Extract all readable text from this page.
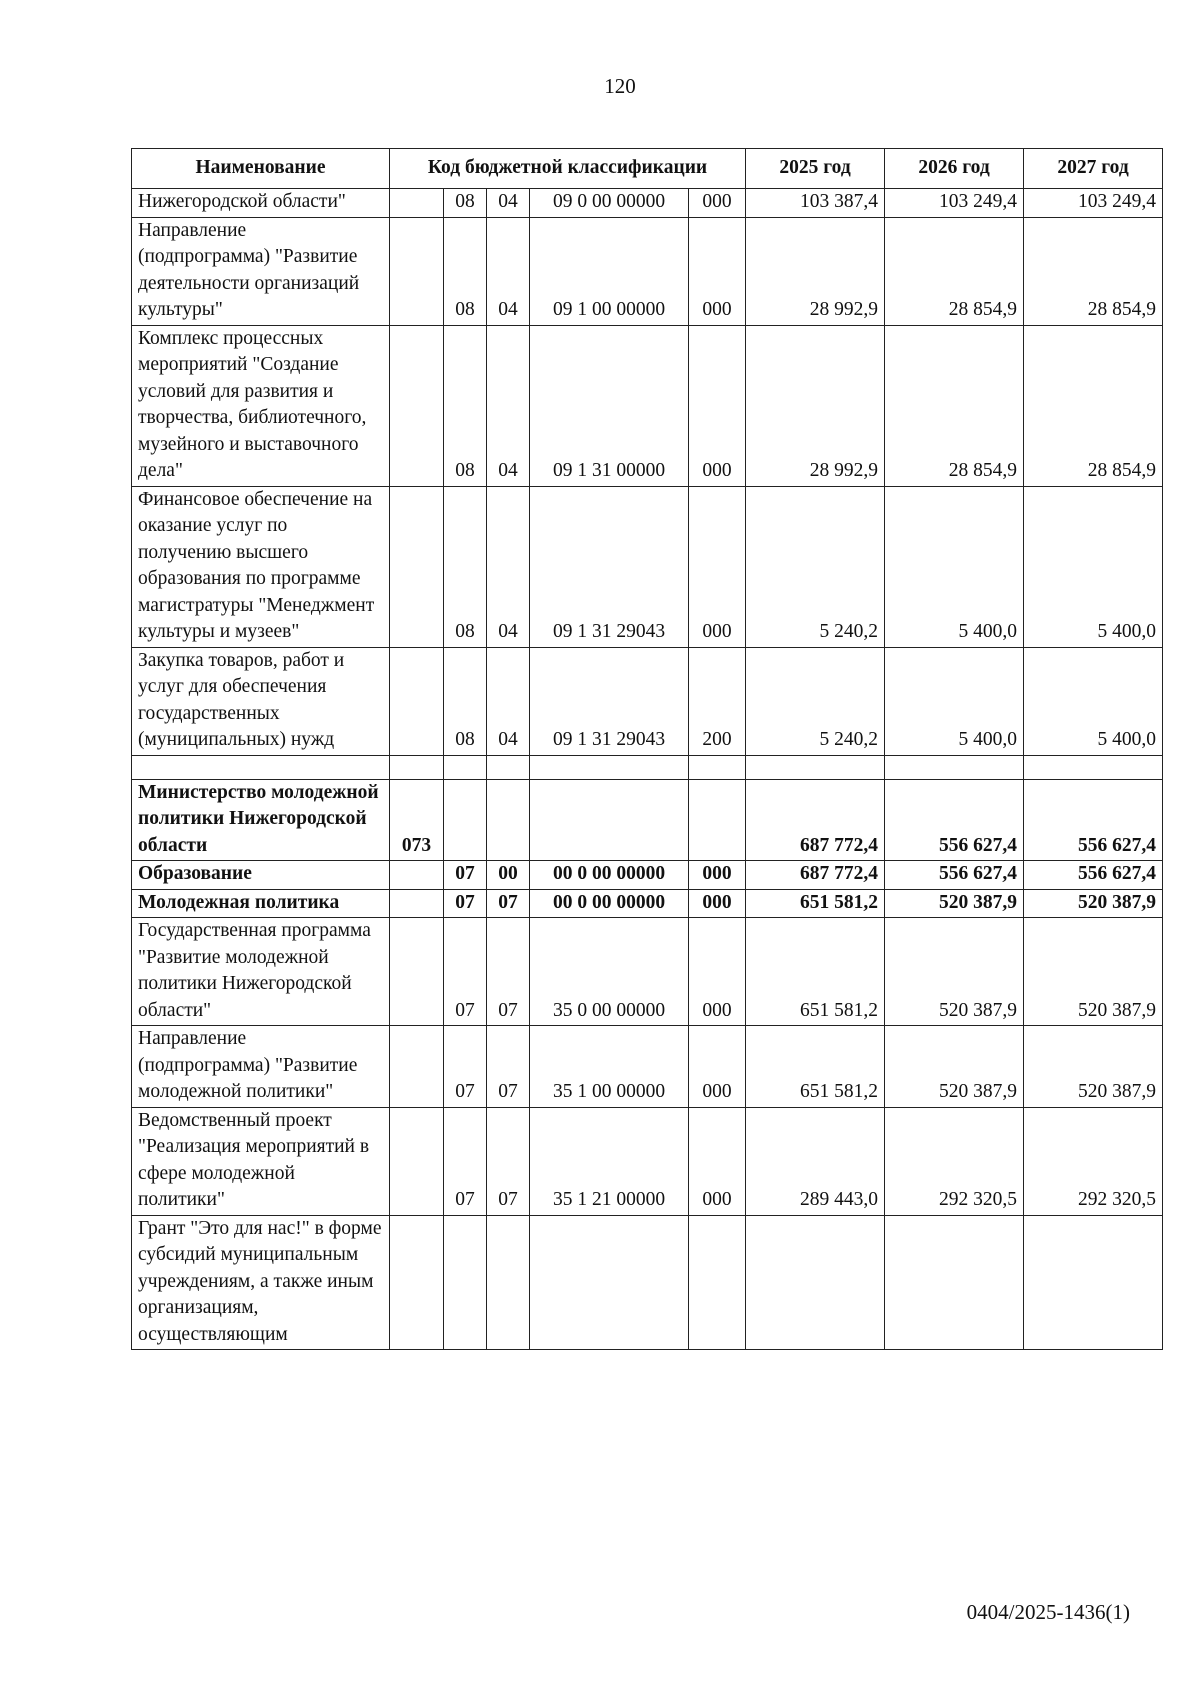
120
Наименование	Код бюджетной классификации					2025 год	2026 год	2027 год
Нижегородской области"		08	04	09 0 00 00000	000	103 387,4	103 249,4	103 249,4
Направление (подпрограмма) "Развитие деятельности организаций культуры"		08	04	09 1 00 00000	000	28 992,9	28 854,9	28 854,9
Комплекс процессных мероприятий "Создание условий для развития и творчества, библиотечного, музейного и выставочного дела"		08	04	09 1 31 00000	000	28 992,9	28 854,9	28 854,9
Финансовое обеспечение на оказание услуг по получению высшего образования по программе магистратуры "Менеджмент культуры и музеев"		08	04	09 1 31 29043	000	5 240,2	5 400,0	5 400,0
Закупка товаров, работ и услуг для обеспечения государственных (муниципальных) нужд		08	04	09 1 31 29043	200	5 240,2	5 400,0	5 400,0

Министерство молодежной политики Нижегородской области	073					687 772,4	556 627,4	556 627,4
Образование		07	00	00 0 00 00000	000	687 772,4	556 627,4	556 627,4
Молодежная политика		07	07	00 0 00 00000	000	651 581,2	520 387,9	520 387,9
Государственная программа "Развитие молодежной политики Нижегородской области"		07	07	35 0 00 00000	000	651 581,2	520 387,9	520 387,9
Направление (подпрограмма) "Развитие молодежной политики"		07	07	35 1 00 00000	000	651 581,2	520 387,9	520 387,9
Ведомственный проект "Реализация мероприятий в сфере молодежной политики"		07	07	35 1 21 00000	000	289 443,0	292 320,5	292 320,5
Грант "Это для нас!" в форме субсидий муниципальным учреждениям, а также иным организациям, осуществляющим								
0404/2025-1436(1)
